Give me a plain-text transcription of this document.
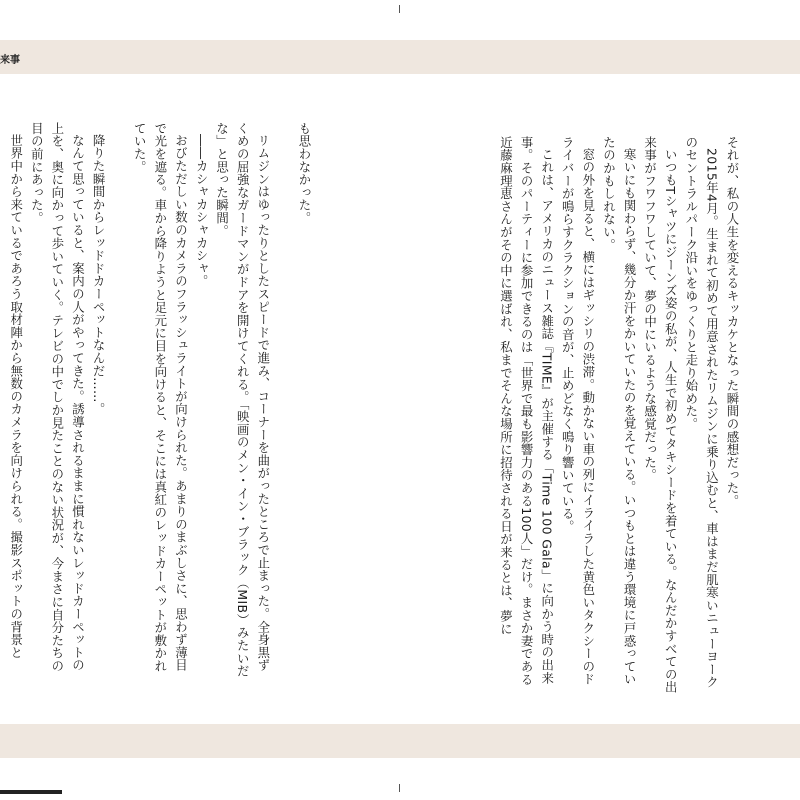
来事

それが、私の人生を変えるキッカケとなった瞬間の感想だった。

2015年4月。生まれて初めて用意されたリムジンに乗り込むと、車はまだ肌寒いニューヨークのセントラルパーク沿いをゆっくりと走り始めた。

いつもTシャツにジーンズ姿の私が、人生で初めてタキシードを着ている。なんだかすべての出来事がフワフワしていて、夢の中にいるような感覚だった。

寒いにも関わらず、幾分か汗をかいていたのを覚えている。いつもとは違う環境に戸惑っていたのかもしれない。

窓の外を見ると、横にはギッシリの渋滞。動かない車の列にイライラした黄色いタクシーのドライバーが鳴らすクラクションの音が、止めどなく鳴り響いている。

これは、アメリカのニュース雑誌『TIME』が主催する「Time 100 Gala」に向かう時の出来事。そのパーティーに参加できるのは「世界で最も影響力のある100人」だけ。まさか妻である近藤麻理恵さんがその中に選ばれ、私までそんな場所に招待される日が来るとは、夢に

も思わなかった。

リムジンはゆったりとしたスピードで進み、コーナーを曲がったところで止まった。全身黒ずくめの屈強なガードマンがドアを開けてくれる。「映画のメン・イン・ブラック（MIB）みたいだな」と思った瞬間。

――カシャカシャカシャ。

おびただしい数のカメラのフラッシュライトが向けられた。あまりのまぶしさに、思わず薄目で光を遮る。車から降りようと足元に目を向けると、そこには真紅のレッドカーペットが敷かれていた。

降りた瞬間からレッドドカーペットなんだ……。

なんて思っていると、案内の人がやってきた。誘導されるままに慣れないレッドカーペットの上を、奥に向かって歩いていく。テレビの中でしか見たことのない状況が、今まさに自分たちの目の前にあった。

世界中から来ているであろう取材陣から無数のカメラを向けられる。撮影スポットの背景と
